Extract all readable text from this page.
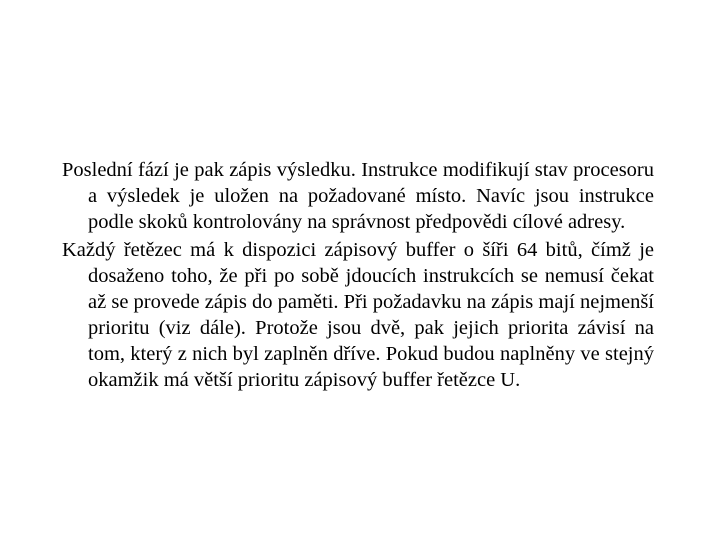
Poslední fází je pak zápis výsledku. Instrukce modifikují stav procesoru a výsledek je uložen na požadované místo. Navíc jsou instrukce podle skoků kontrolovány na správnost předpovědi cílové adresy.

Každý řetězec má k dispozici zápisový buffer o šíři 64 bitů, čímž je dosaženo toho, že při po sobě jdoucích instrukcích se nemusí čekat až se provede zápis do paměti. Při požadavku na zápis mají nejmenší prioritu (viz dále). Protože jsou dvě, pak jejich priorita závisí na tom, který z nich byl zaplněn dříve. Pokud budou naplněny ve stejný okamžik má větší prioritu zápisový buffer řetězce U.
